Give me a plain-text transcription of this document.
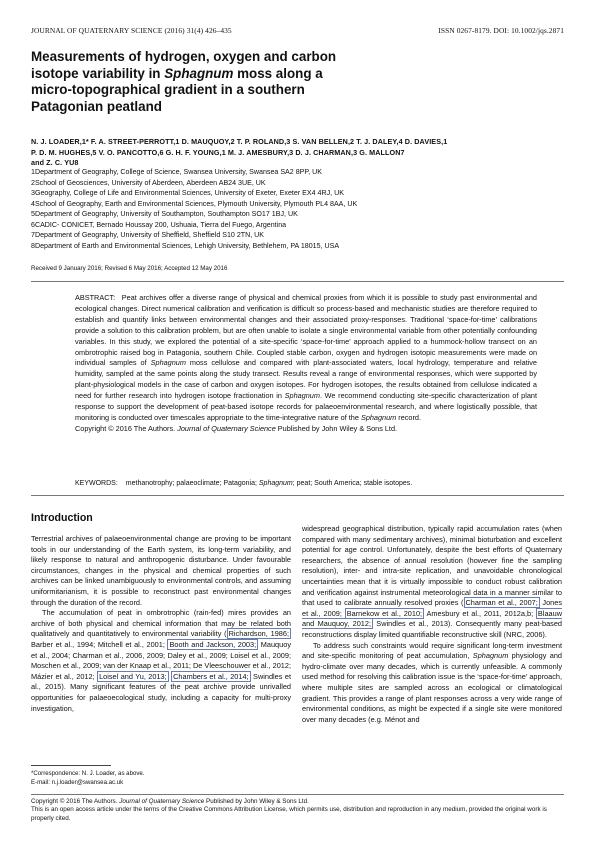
JOURNAL OF QUATERNARY SCIENCE (2016) 31(4) 426–435	ISSN 0267-8179. DOI: 10.1002/jqs.2871
Measurements of hydrogen, oxygen and carbon
isotope variability in Sphagnum moss along a
micro-topographical gradient in a southern
Patagonian peatland
N. J. LOADER,1* F. A. STREET-PERROTT,1 D. MAUQUOY,2 T. P. ROLAND,3 S. VAN BELLEN,2 T. J. DALEY,4 D. DAVIES,1
P. D. M. HUGHES,5 V. O. PANCOTTO,6 G. H. F. YOUNG,1 M. J. AMESBURY,3 D. J. CHARMAN,3 G. MALLON7
and Z. C. YU8
1Department of Geography, College of Science, Swansea University, Swansea SA2 8PP, UK
2School of Geosciences, University of Aberdeen, Aberdeen AB24 3UE, UK
3Geography, College of Life and Environmental Sciences, University of Exeter, Exeter EX4 4RJ, UK
4School of Geography, Earth and Environmental Sciences, Plymouth University, Plymouth PL4 8AA, UK
5Department of Geography, University of Southampton, Southampton SO17 1BJ, UK
6CADIC- CONICET, Bernado Houssay 200, Ushuaia, Tierra del Fuego, Argentina
7Department of Geography, University of Sheffield, Sheffield S10 2TN, UK
8Department of Earth and Environmental Sciences, Lehigh University, Bethlehem, PA 18015, USA
Received 9 January 2016; Revised 6 May 2016; Accepted 12 May 2016
ABSTRACT: Peat archives offer a diverse range of physical and chemical proxies from which it is possible to study past environmental and ecological changes. Direct numerical calibration and verification is difficult so process-based and mechanistic studies are therefore required to establish and quantify links between environmental changes and their associated proxy-responses. Traditional ‘space-for-time’ calibrations provide a solution to this calibration problem, but are often unable to isolate a single environmental variable from other potentially confounding variables. In this study, we explored the potential of a site-specific ‘space-for-time’ approach applied to a hummock-hollow transect on an ombrotrophic raised bog in Patagonia, southern Chile. Coupled stable carbon, oxygen and hydrogen isotopic measurements were made on individual samples of Sphagnum moss cellulose and compared with plant-associated waters, local hydrology, temperature and relative humidity, sampled at the same points along the study transect. Results reveal a range of environmental responses, which were supported by plant-physiological models in the case of carbon and oxygen isotopes. For hydrogen isotopes, the results obtained from cellulose indicated a need for further research into hydrogen isotope fractionation in Sphagnum. We recommend conducting site-specific characterization of plant response to support the development of peat-based isotope records for palaeoenvironmental research, and where logistically possible, that monitoring is conducted over timescales appropriate to the time-integrative nature of the Sphagnum record.
Copyright © 2016 The Authors. Journal of Quaternary Science Published by John Wiley & Sons Ltd.
KEYWORDS: methanotrophy; palaeoclimate; Patagonia; Sphagnum; peat; South America; stable isotopes.
Introduction

Terrestrial archives of palaeoenvironmental change are proving to be important tools in our understanding of the Earth system, its long-term variability, and likely response to natural and anthropogenic disturbance. Under favourable circumstances, changes in the physical and chemical properties of such archives can be linked unambiguously to environmental controls, and assuming uniformitarianism, it is possible to reconstruct past environmental changes through the duration of the record.

The accumulation of peat in ombrotrophic (rain-fed) mires provides an archive of both physical and chemical information that may be related both qualitatively and quantitatively to environmental variability ( Richardson, 1986; Barber et al., 1994; Mitchell et al., 2001; Booth and Jackson, 2003; Mauquoy et al., 2004; Charman et al., 2006, 2009; Daley et al., 2009; Loisel et al., 2009; Moschen et al., 2009; van der Knaap et al., 2011; De Vleeschouwer et al., 2012; Mázier et al., 2012; Loisel and Yu, 2013; Chambers et al., 2014; Swindles et al., 2015). Many significant features of the peat archive provide unrivalled opportunities for palaeoecological study, including a capacity for multi-proxy investigation,

widespread geographical distribution, typically rapid accumulation rates (when compared with many sedimentary archives), minimal bioturbation and excellent potential for age control. Unfortunately, despite the best efforts of Quaternary researchers, the absence of annual resolution (however fine the sampling resolution), inter- and intra-site replication, and unavoidable chronological uncertainties mean that it is virtually impossible to conduct robust calibration and verification against instrumental meteorological data in a manner similar to that used to calibrate annually resolved proxies ( Charman et al., 2007; Jones et al., 2009; Barnekow et al., 2010; Amesbury et al., 2011, 2012a,b; Blaauw and Mauquoy, 2012; Swindles et al., 2013). Consequently many peat-based reconstructions display limited quantifiable reconstructive skill (NRC, 2006).

To address such constraints would require significant long-term investment and site-specific monitoring of peat accumulation, Sphagnum physiology and hydro-climate over many decades, which is currently unfeasible. A commonly used method for resolving this calibration issue is the ‘space-for-time’ approach, where multiple sites are sampled across an ecological or climatological gradient. This provides a range of plant responses across a very wide range of environmental conditions, as might be expected if a single site were monitored over many decades (e.g. Ménot and

*Correspondence: N. J. Loader, as above.
E-mail: n.j.loader@swansea.ac.uk
Copyright © 2016 The Authors. Journal of Quaternary Science Published by John Wiley & Sons Ltd.
This is an open access article under the terms of the Creative Commons Attribution License, which permits use, distribution and reproduction in any medium, provided the original work is properly cited.
